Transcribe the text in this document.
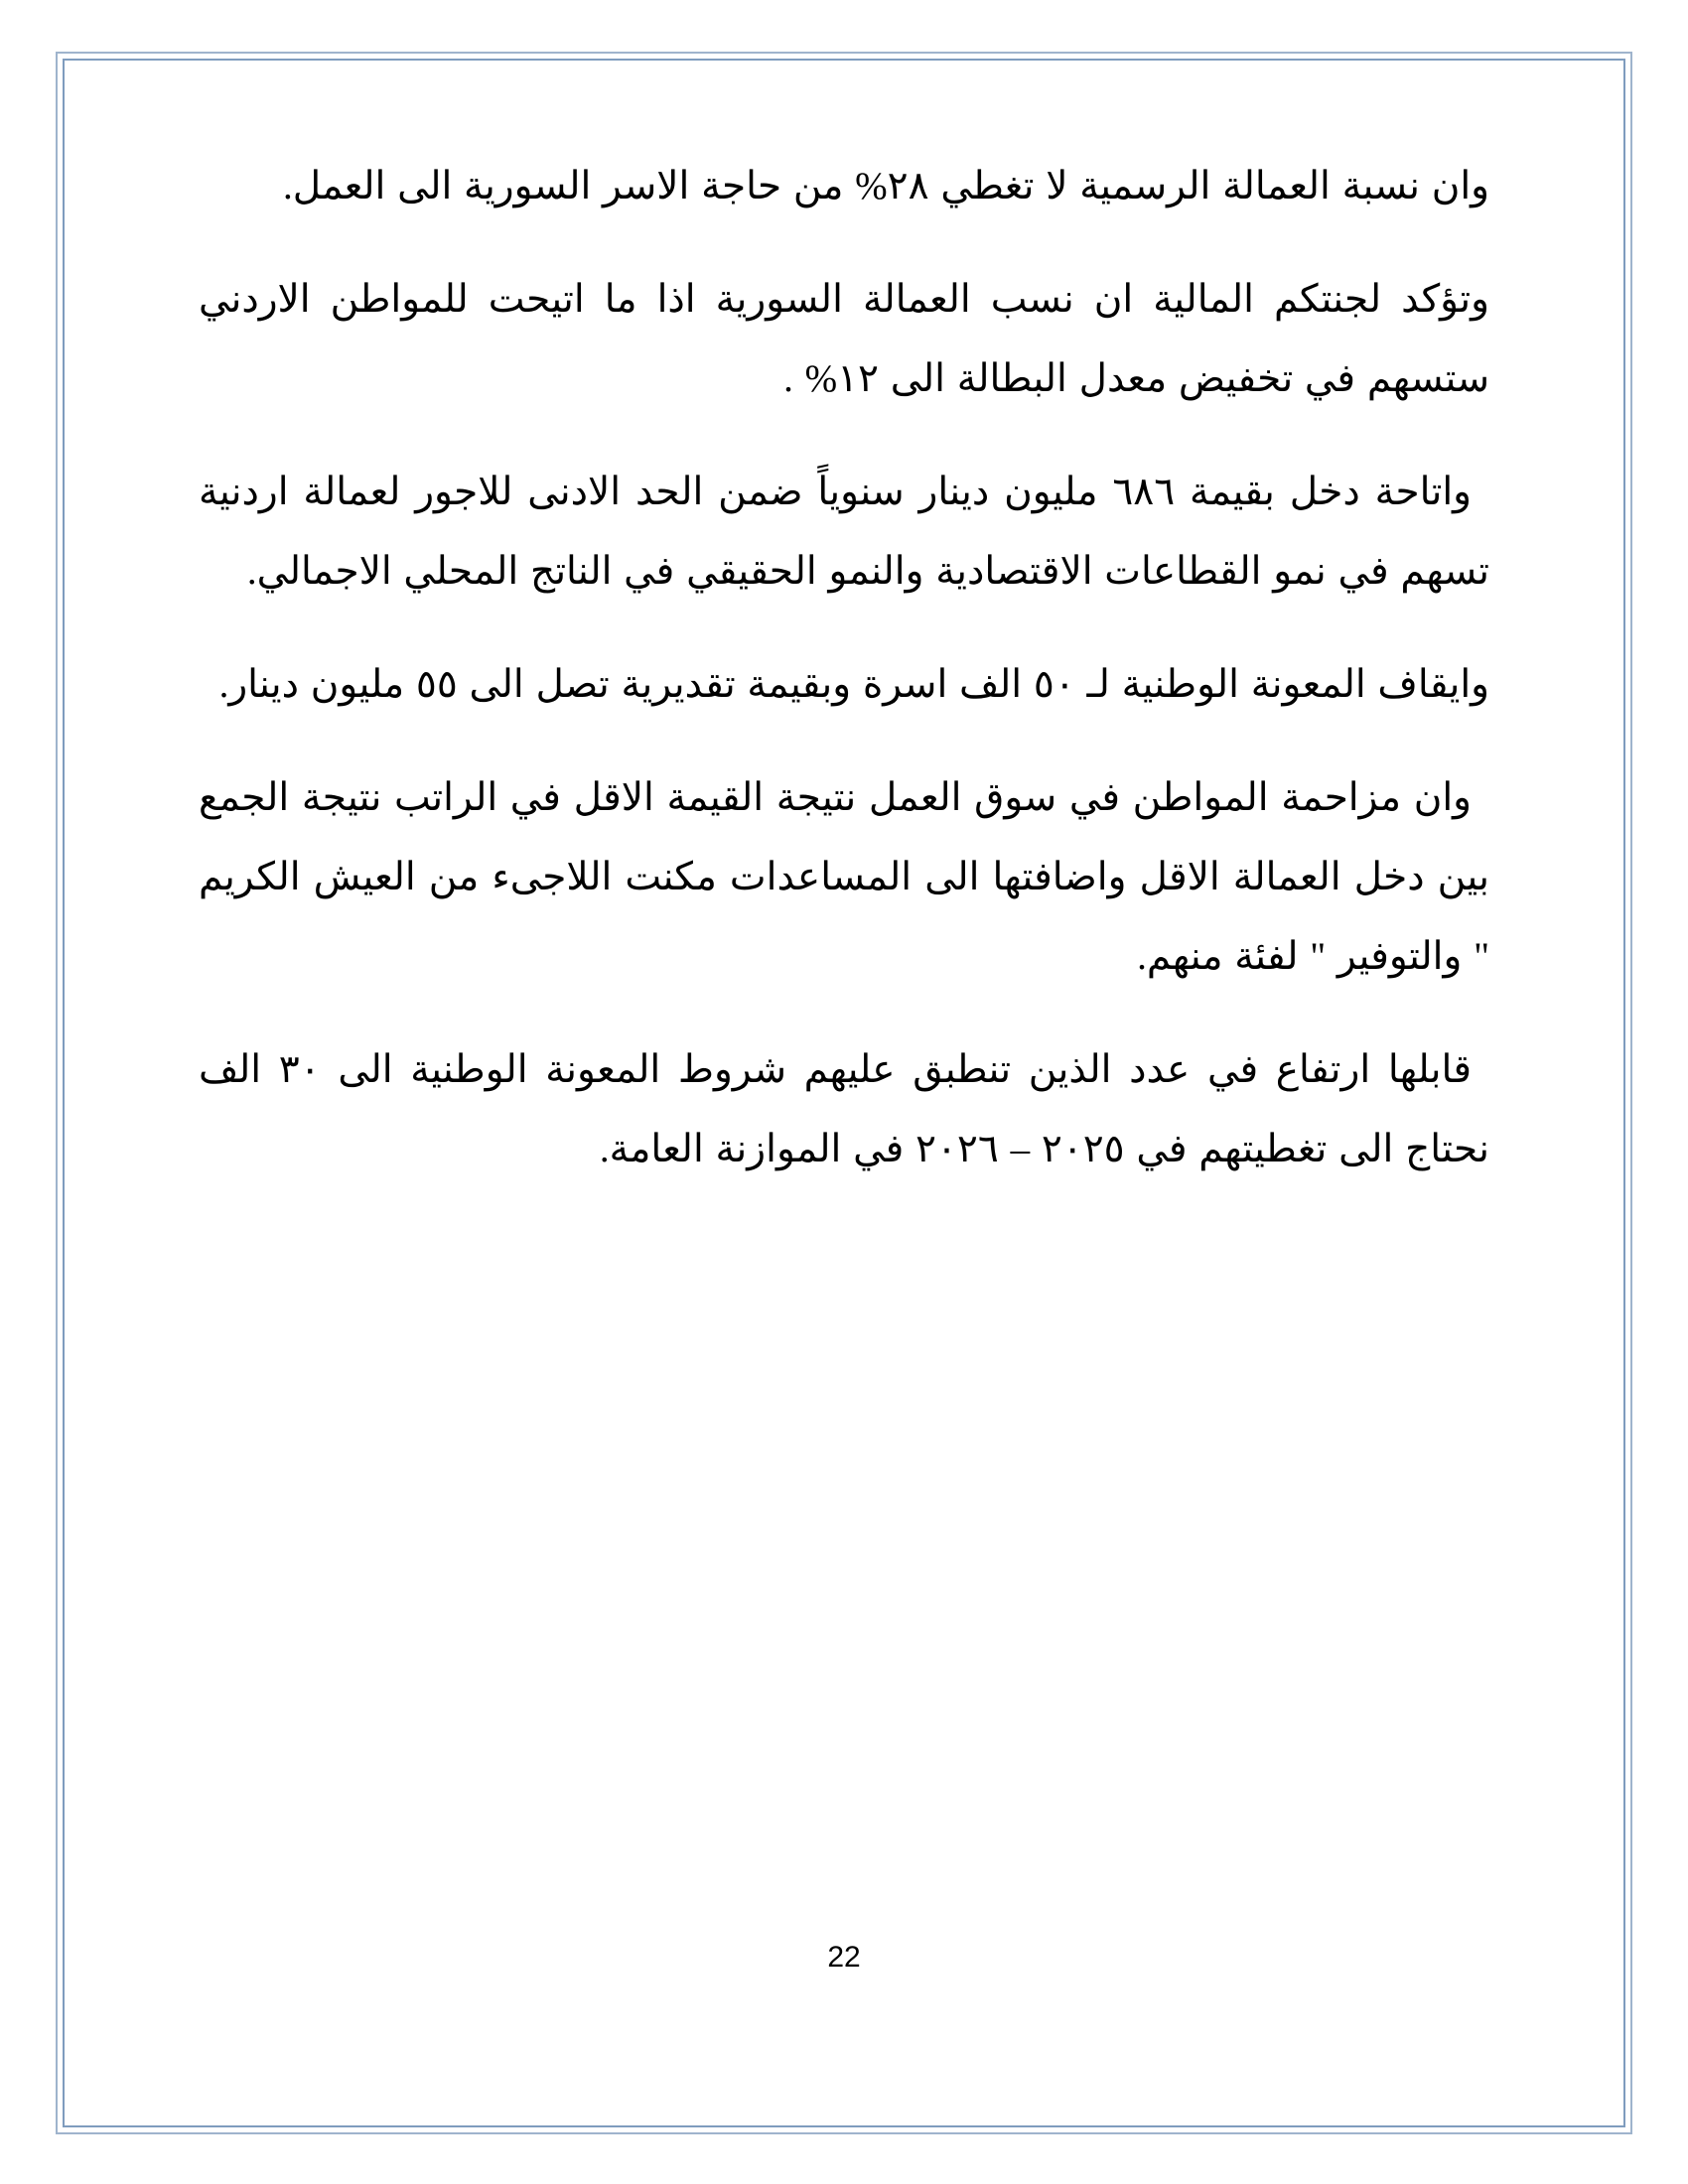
وان نسبة العمالة الرسمية لا تغطي ٢٨% من حاجة الاسر السورية الى العمل.

وتؤكد لجنتكم المالية ان نسب العمالة السورية اذا ما اتيحت للمواطن الاردني ستسهم في تخفيض معدل البطالة الى ١٢% .

واتاحة دخل بقيمة ٦٨٦ مليون دينار سنوياً ضمن الحد الادنى للاجور لعمالة اردنية تسهم في نمو القطاعات الاقتصادية والنمو الحقيقي في الناتج المحلي الاجمالي.

وايقاف المعونة الوطنية لـ ٥٠ الف اسرة وبقيمة تقديرية تصل الى ٥٥ مليون دينار.

وان مزاحمة المواطن في سوق العمل نتيجة القيمة الاقل في الراتب نتيجة الجمع بين دخل العمالة الاقل واضافتها الى المساعدات مكنت اللاجىء من العيش الكريم " والتوفير " لفئة منهم.

قابلها ارتفاع في عدد الذين تنطبق عليهم شروط المعونة الوطنية الى ٣٠ الف نحتاج الى تغطيتهم في ٢٠٢٥ – ٢٠٢٦ في الموازنة العامة.

22
